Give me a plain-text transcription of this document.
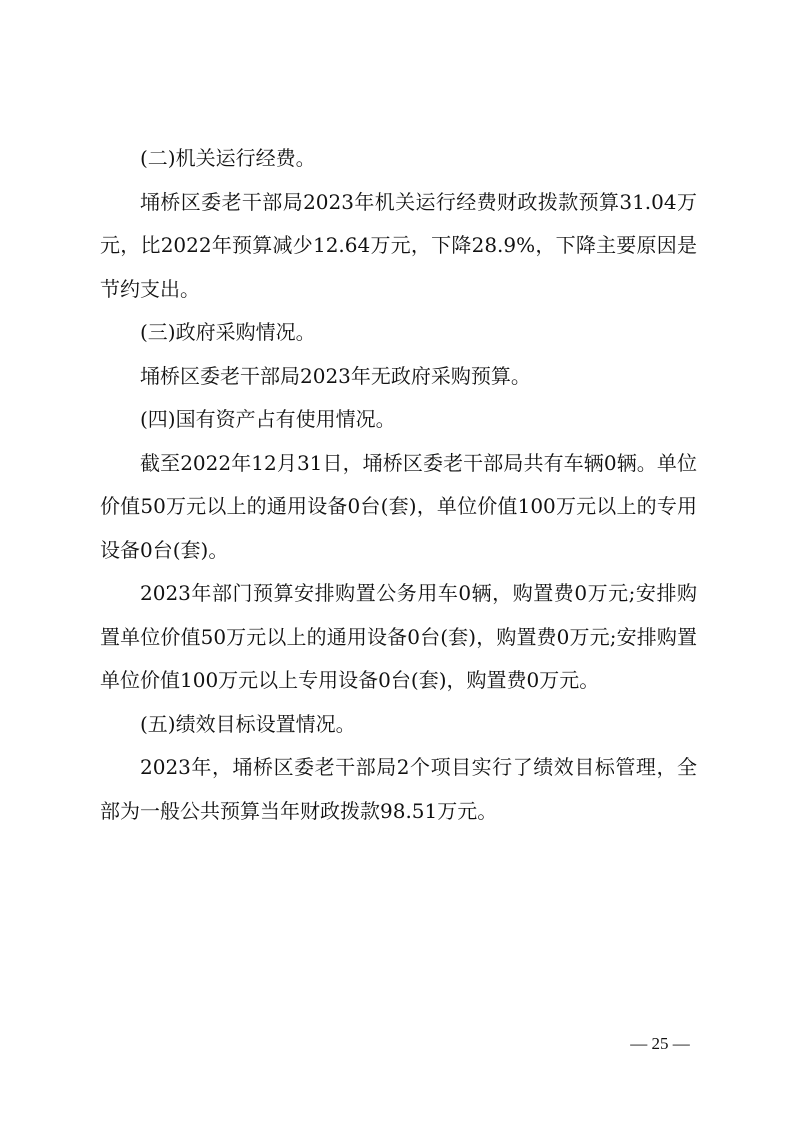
(二)机关运行经费。

埇桥区委老干部局2023年机关运行经费财政拨款预算31.04万元，比2022年预算减少12.64万元，下降28.9%，下降主要原因是节约支出。

(三)政府采购情况。

埇桥区委老干部局2023年无政府采购预算。

(四)国有资产占有使用情况。

截至2022年12月31日，埇桥区委老干部局共有车辆0辆。单位价值50万元以上的通用设备0台(套)，单位价值100万元以上的专用设备0台(套)。

2023年部门预算安排购置公务用车0辆，购置费0万元;安排购置单位价值50万元以上的通用设备0台(套)，购置费0万元;安排购置单位价值100万元以上专用设备0台(套)，购置费0万元。

(五)绩效目标设置情况。

2023年，埇桥区委老干部局2个项目实行了绩效目标管理，全部为一般公共预算当年财政拨款98.51万元。

— 25 —
